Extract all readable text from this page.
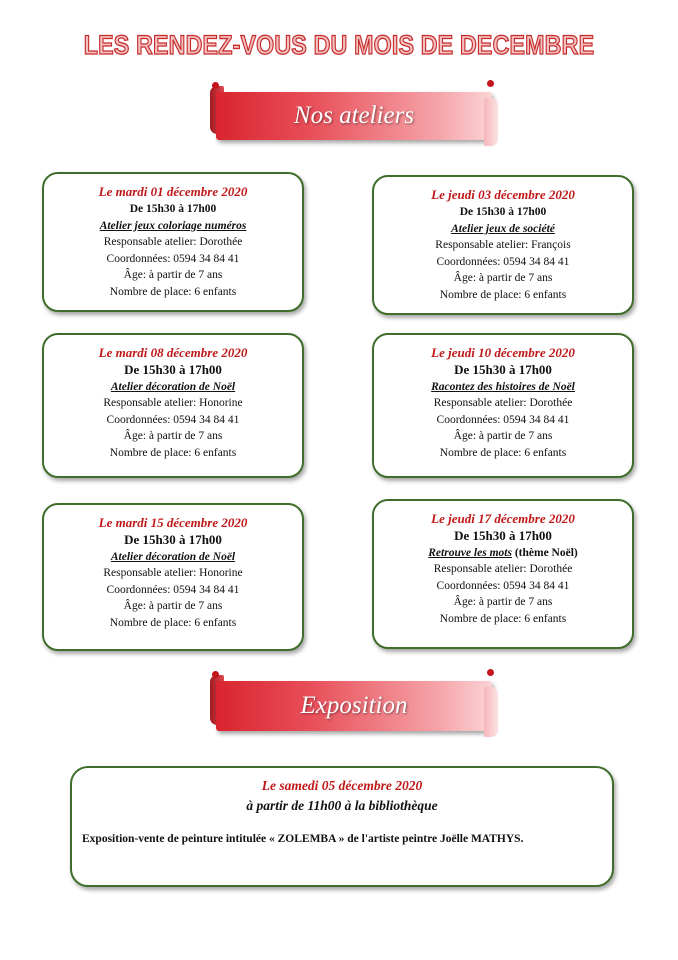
LES RENDEZ-VOUS DU MOIS DE DECEMBRE
Nos ateliers
Le mardi 01 décembre 2020
De 15h30 à 17h00
Atelier jeux coloriage numéros
Responsable atelier: Dorothée
Coordonnées: 0594 34 84 41
Âge: à partir de 7 ans
Nombre de place: 6 enfants
Le jeudi 03 décembre 2020
De 15h30 à 17h00
Atelier jeux de société
Responsable atelier: François
Coordonnées: 0594 34 84 41
Âge: à partir de 7 ans
Nombre de place: 6 enfants
Le mardi 08 décembre 2020
De 15h30 à 17h00
Atelier décoration de Noël
Responsable atelier: Honorine
Coordonnées: 0594 34 84 41
Âge: à partir de 7 ans
Nombre de place: 6 enfants
Le jeudi 10 décembre 2020
De 15h30 à 17h00
Racontez des histoires de Noël
Responsable atelier: Dorothée
Coordonnées: 0594 34 84 41
Âge: à partir de 7 ans
Nombre de place: 6 enfants
Le mardi 15 décembre 2020
De 15h30 à 17h00
Atelier décoration de Noël
Responsable atelier: Honorine
Coordonnées: 0594 34 84 41
Âge: à partir de 7 ans
Nombre de place: 6 enfants
Le jeudi 17 décembre 2020
De 15h30 à 17h00
Retrouve les mots (thème Noël)
Responsable atelier: Dorothée
Coordonnées: 0594 34 84 41
Âge: à partir de 7 ans
Nombre de place: 6 enfants
Exposition
Le samedi 05 décembre 2020
à partir de 11h00 à la bibliothèque
Exposition-vente de peinture intitulée « ZOLEMBA » de l'artiste peintre Joëlle MATHYS.
